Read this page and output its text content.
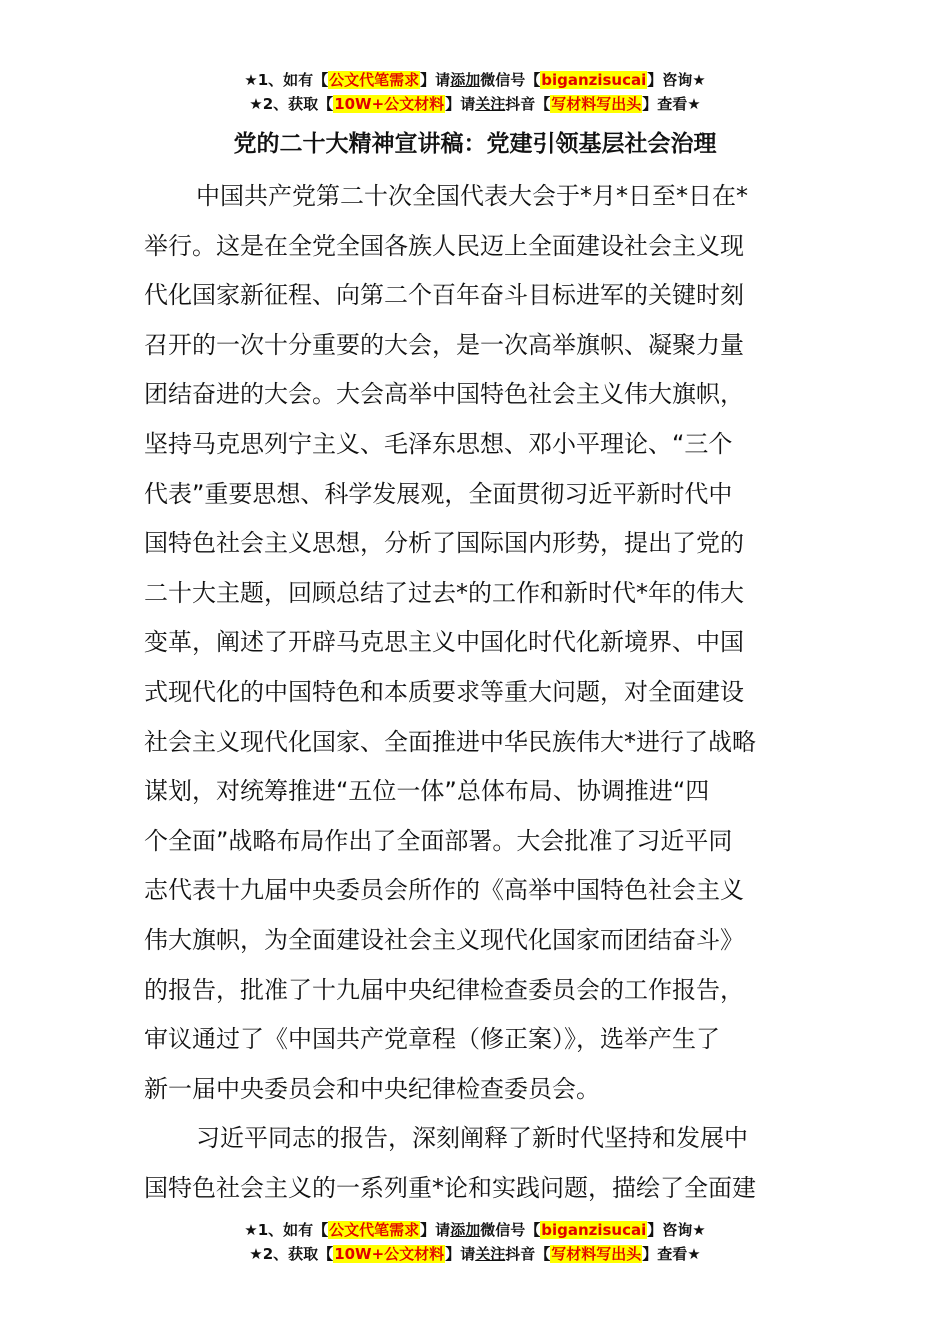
★1、如有【公文代笔需求】请添加微信号【biganzisucai】咨询★
★2、获取【10W+公文材料】请关注抖音【写材料写出头】查看★
党的二十大精神宣讲稿：党建引领基层社会治理
中国共产党第二十次全国代表大会于*月*日至*日在*
举行。这是在全党全国各族人民迈上全面建设社会主义现
代化国家新征程、向第二个百年奋斗目标进军的关键时刻
召开的一次十分重要的大会，是一次高举旗帜、凝聚力量
团结奋进的大会。大会高举中国特色社会主义伟大旗帜，
坚持马克思列宁主义、毛泽东思想、邓小平理论、“三个
代表”重要思想、科学发展观，全面贯彻习近平新时代中
国特色社会主义思想，分析了国际国内形势，提出了党的
二十大主题，回顾总结了过去*的工作和新时代*年的伟大
变革，阐述了开辟马克思主义中国化时代化新境界、中国
式现代化的中国特色和本质要求等重大问题，对全面建设
社会主义现代化国家、全面推进中华民族伟大*进行了战略
谋划，对统筹推进“五位一体”总体布局、协调推进“四
个全面”战略布局作出了全面部署。大会批准了习近平同
志代表十九届中央委员会所作的《高举中国特色社会主义
伟大旗帜，为全面建设社会主义现代化国家而团结奋斗》
的报告，批准了十九届中央纪律检查委员会的工作报告，
审议通过了《中国共产党章程（修正案）》，选举产生了
新一届中央委员会和中央纪律检查委员会。
习近平同志的报告，深刻阐释了新时代坚持和发展中
国特色社会主义的一系列重*论和实践问题，描绘了全面建
★1、如有【公文代笔需求】请添加微信号【biganzisucai】咨询★
★2、获取【10W+公文材料】请关注抖音【写材料写出头】查看★
